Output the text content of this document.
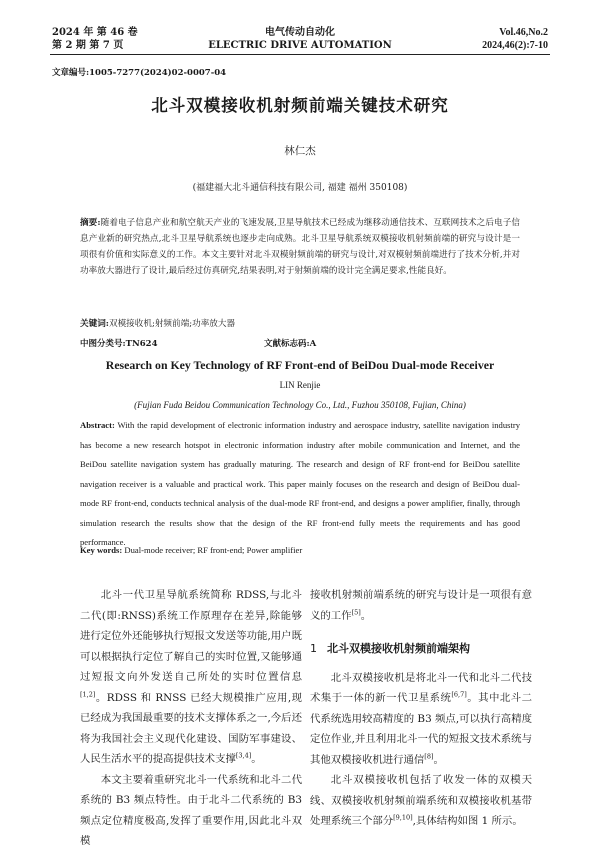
2024 年 第 46 卷
第 2 期 第 7 页
电气传动自动化
ELECTRIC DRIVE AUTOMATION
Vol.46,No.2
2024,46(2):7-10
文章编号:1005-7277(2024)02-0007-04
北斗双模接收机射频前端关键技术研究
林仁杰
(福建福大北斗通信科技有限公司, 福建 福州 350108)
摘要:随着电子信息产业和航空航天产业的飞速发展,卫星导航技术已经成为继移动通信技术、互联网技术之后电子信息产业新的研究热点,北斗卫星导航系统也逐步走向成熟。北斗卫星导航系统双模接收机射频前端的研究与设计是一项很有价值和实际意义的工作。本文主要针对北斗双模射频前端的研究与设计,对双模射频前端进行了技术分析,并对功率放大器进行了设计,最后经过仿真研究,结果表明,对于射频前端的设计完全满足要求,性能良好。
关键词:双模接收机;射频前端;功率放大器
中图分类号:TN624	文献标志码:A
Research on Key Technology of RF Front-end of BeiDou Dual-mode Receiver
LIN Renjie
(Fujian Fuda Beidou Communication Technology Co., Ltd., Fuzhou 350108, Fujian, China)
Abstract: With the rapid development of electronic information industry and aerospace industry, satellite navigation industry has become a new research hotspot in electronic information industry after mobile communication and Internet, and the BeiDou satellite navigation system has gradually maturing. The research and design of RF front-end for BeiDou satellite navigation receiver is a valuable and practical work. This paper mainly focuses on the research and design of BeiDou dual-mode RF front-end, conducts technical analysis of the dual-mode RF front-end, and designs a power amplifier, finally, through simulation research the results show that the design of the RF front-end fully meets the requirements and has good performance.
Key words: Dual-mode receiver; RF front-end; Power amplifier

北斗一代卫星导航系统简称 RDSS,与北斗二代(即:RNSS)系统工作原理存在差异,除能够进行定位外还能够执行短报文发送等功能,用户既可以根据执行定位了解自己的实时位置,又能够通过短报文向外发送自己所处的实时位置信息[1,2]。RDSS 和 RNSS 已经大规模推广应用,现已经成为我国最重要的技术支撑体系之一,今后还将为我国社会主义现代化建设、国防军事建设、人民生活水平的提高提供技术支撑[3,4]。

本文主要着重研究北斗一代系统和北斗二代系统的 B3 频点特性。由于北斗二代系统的 B3 频点定位精度极高,发挥了重要作用,因此北斗双模

接收机射频前端系统的研究与设计是一项很有意义的工作[5]。

1 北斗双模接收机射频前端架构

北斗双模接收机是将北斗一代和北斗二代技术集于一体的新一代卫星系统[6,7]。其中北斗二代系统选用较高精度的 B3 频点,可以执行高精度定位作业,并且利用北斗一代的短报文技术系统与其他双模接收机进行通信[8]。

北斗双模接收机包括了收发一体的双模天线、双模接收机射频前端系统和双模接收机基带处理系统三个部分[9,10],具体结构如图 1 所示。
